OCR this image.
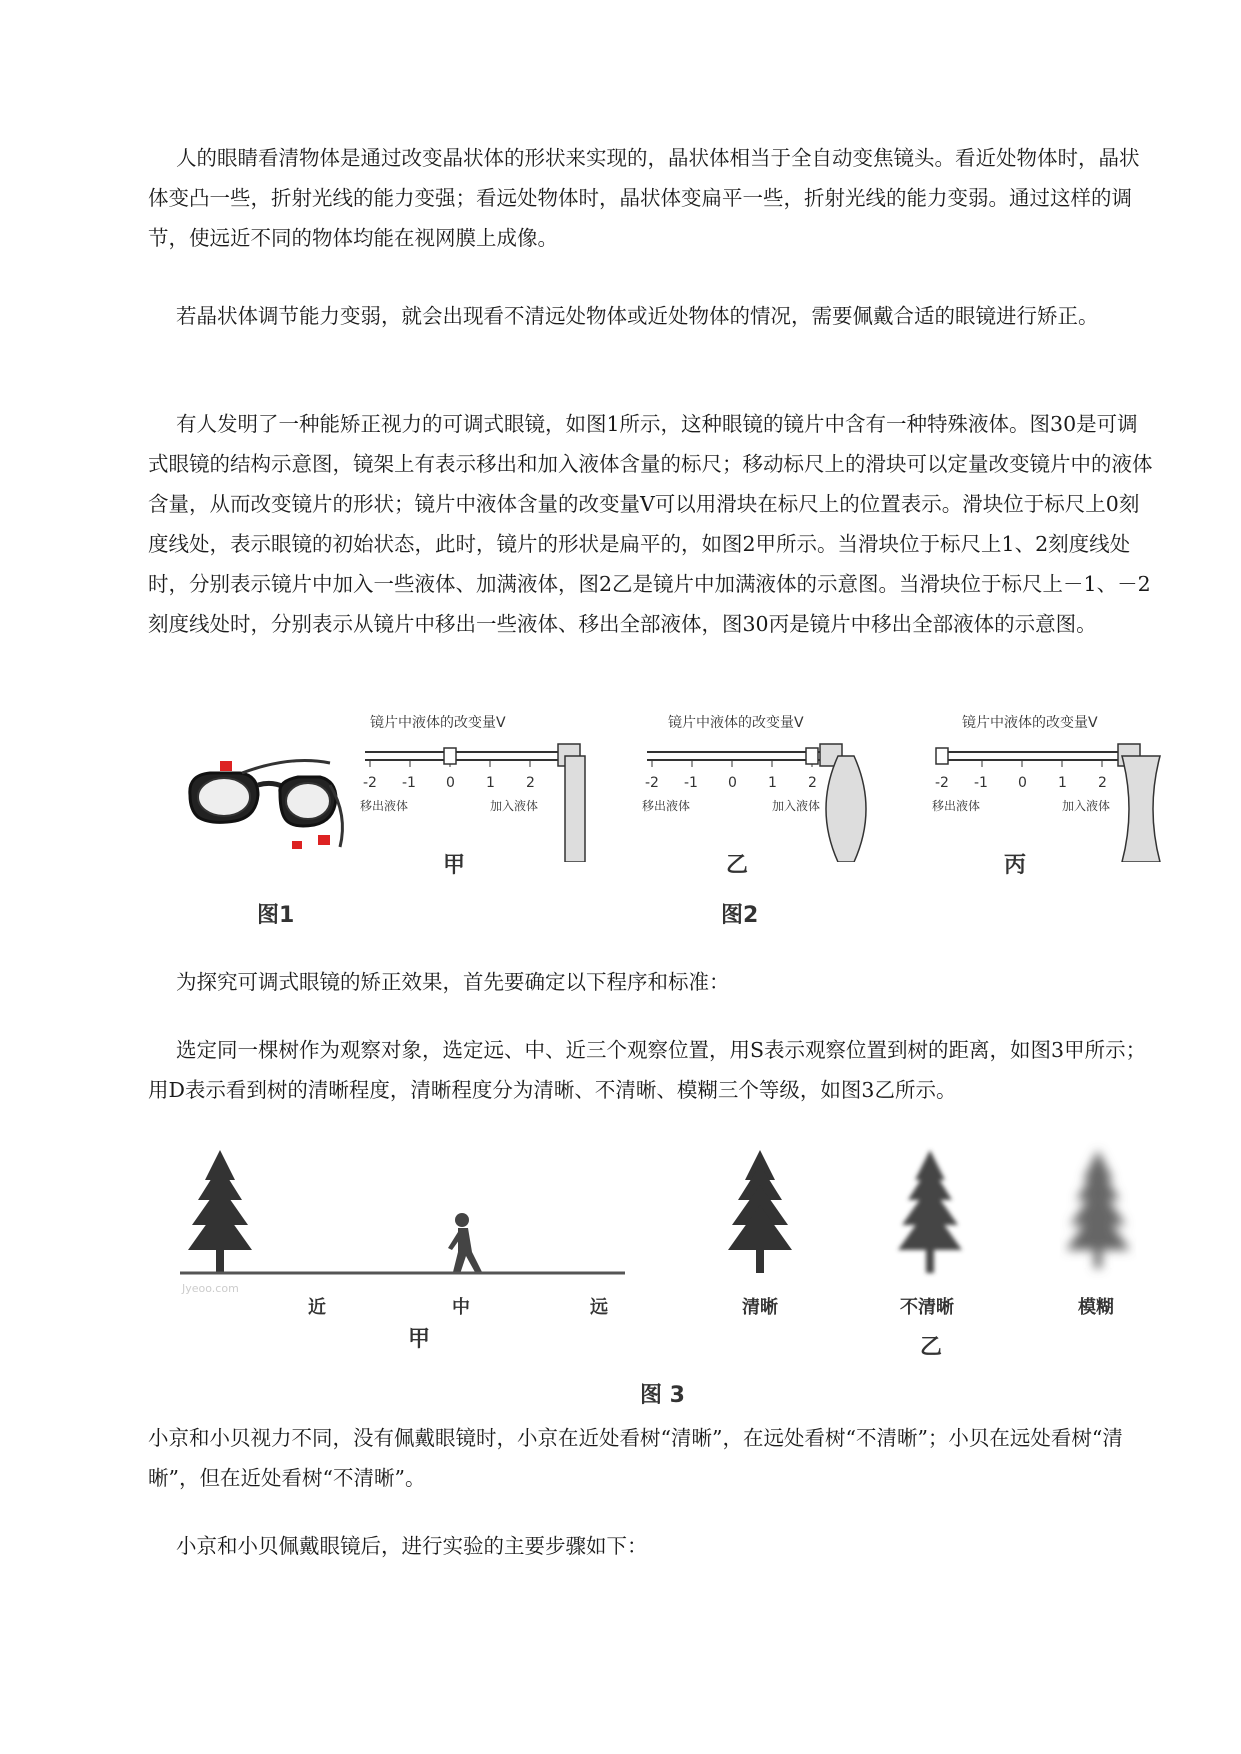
人的眼睛看清物体是通过改变晶状体的形状来实现的，晶状体相当于全自动变焦镜头。看近处物体时，晶状体变凸一些，折射光线的能力变强；看远处物体时，晶状体变扁平一些，折射光线的能力变弱。通过这样的调节，使远近不同的物体均能在视网膜上成像。

若晶状体调节能力变弱，就会出现看不清远处物体或近处物体的情况，需要佩戴合适的眼镜进行矫正。

有人发明了一种能矫正视力的可调式眼镜，如图1所示，这种眼镜的镜片中含有一种特殊液体。图30是可调式眼镜的结构示意图，镜架上有表示移出和加入液体含量的标尺；移动标尺上的滑块可以定量改变镜片中的液体含量，从而改变镜片的形状；镜片中液体含量的改变量V可以用滑块在标尺上的位置表示。滑块位于标尺上0刻度线处，表示眼镜的初始状态，此时，镜片的形状是扁平的，如图2甲所示。当滑块位于标尺上1、2刻度线处时，分别表示镜片中加入一些液体、加满液体，图2乙是镜片中加满液体的示意图。当滑块位于标尺上－1、－2刻度线处时，分别表示从镜片中移出一些液体、移出全部液体，图30丙是镜片中移出全部液体的示意图。

镜片中液体的改变量V
-2 -1 0 1 2
移出液体	加入液体
镜片中液体的改变量V
-2 -1 0 1 2
移出液体	加入液体
镜片中液体的改变量V
-2 -1 0 1 2
移出液体	加入液体
甲	乙	丙
图1	图2

为探究可调式眼镜的矫正效果，首先要确定以下程序和标准：

选定同一棵树作为观察对象，选定远、中、近三个观察位置，用S表示观察位置到树的距离，如图3甲所示；用D表示看到树的清晰程度，清晰程度分为清晰、不清晰、模糊三个等级，如图3乙所示。

Jyeoo.com
近	中	远	清晰	不清晰	模糊
甲	乙
图 3

小京和小贝视力不同，没有佩戴眼镜时，小京在近处看树“清晰”，在远处看树“不清晰”；小贝在远处看树“清晰”，但在近处看树“不清晰”。

小京和小贝佩戴眼镜后，进行实验的主要步骤如下：
